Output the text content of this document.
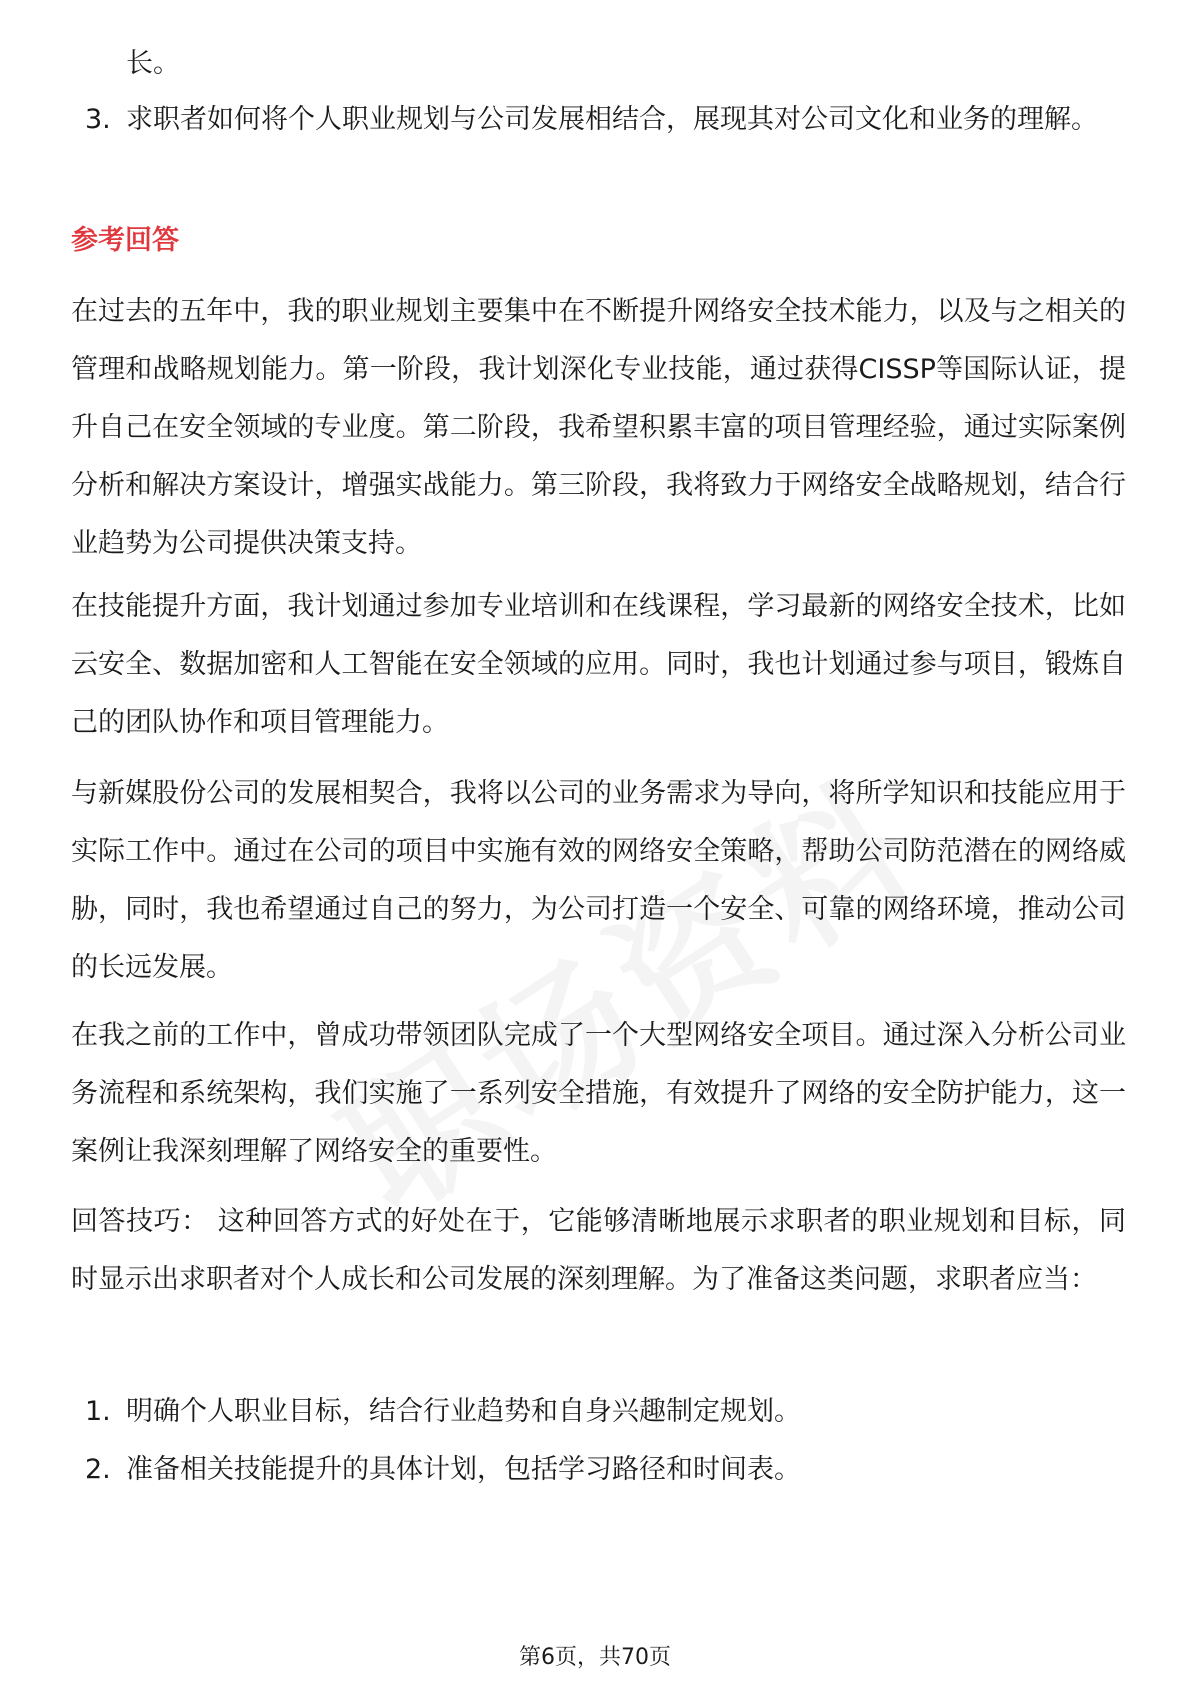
长。

3. 求职者如何将个人职业规划与公司发展相结合，展现其对公司文化和业务的理解。
参考回答

在过去的五年中，我的职业规划主要集中在不断提升网络安全技术能力，以及与之相关的管理和战略规划能力。第一阶段，我计划深化专业技能，通过获得CISSP等国际认证，提升自己在安全领域的专业度。第二阶段，我希望积累丰富的项目管理经验，通过实际案例分析和解决方案设计，增强实战能力。第三阶段，我将致力于网络安全战略规划，结合行业趋势为公司提供决策支持。

在技能提升方面，我计划通过参加专业培训和在线课程，学习最新的网络安全技术，比如云安全、数据加密和人工智能在安全领域的应用。同时，我也计划通过参与项目，锻炼自己的团队协作和项目管理能力。

与新媒股份公司的发展相契合，我将以公司的业务需求为导向，将所学知识和技能应用于实际工作中。通过在公司的项目中实施有效的网络安全策略，帮助公司防范潜在的网络威胁，同时，我也希望通过自己的努力，为公司打造一个安全、可靠的网络环境，推动公司的长远发展。

在我之前的工作中，曾成功带领团队完成了一个大型网络安全项目。通过深入分析公司业务流程和系统架构，我们实施了一系列安全措施，有效提升了网络的安全防护能力，这一案例让我深刻理解了网络安全的重要性。

回答技巧： 这种回答方式的好处在于，它能够清晰地展示求职者的职业规划和目标，同时显示出求职者对个人成长和公司发展的深刻理解。为了准备这类问题，求职者应当：

1. 明确个人职业目标，结合行业趋势和自身兴趣制定规划。
2. 准备相关技能提升的具体计划，包括学习路径和时间表。
第6页，共70页
